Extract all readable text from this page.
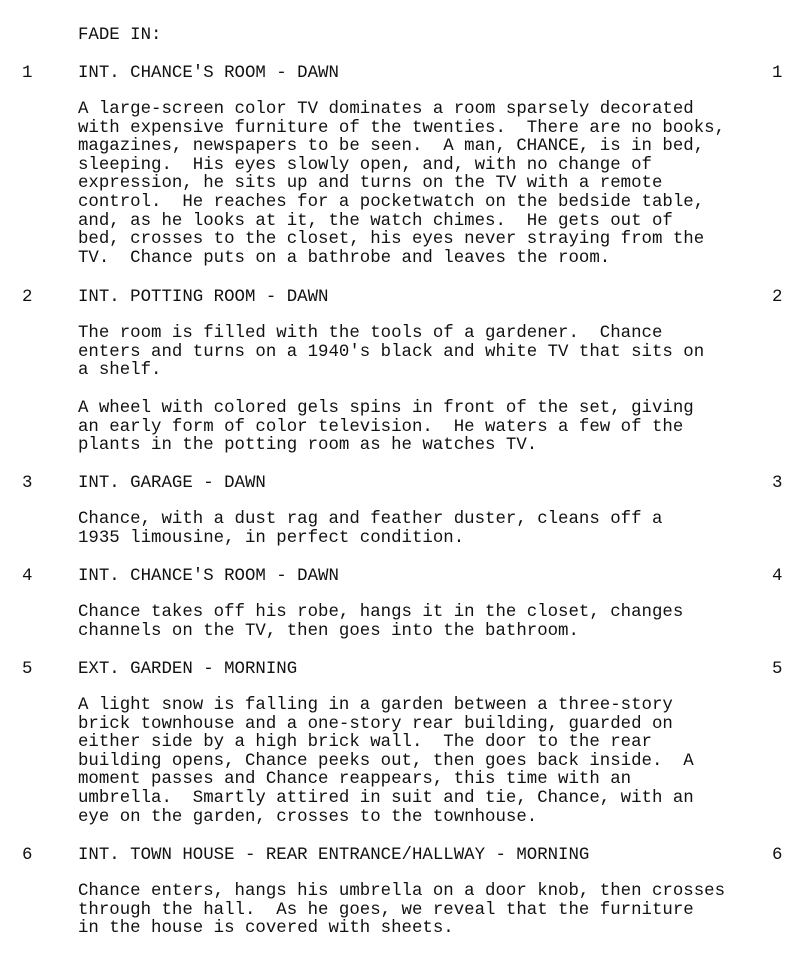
FADE IN:
1	INT. CHANCE'S ROOM - DAWN	1

A large-screen color TV dominates a room sparsely decorated
with expensive furniture of the twenties.  There are no books,
magazines, newspapers to be seen.  A man, CHANCE, is in bed,
sleeping.  His eyes slowly open, and, with no change of
expression, he sits up and turns on the TV with a remote
control.  He reaches for a pocketwatch on the bedside table,
and, as he looks at it, the watch chimes.  He gets out of
bed, crosses to the closet, his eyes never straying from the
TV.  Chance puts on a bathrobe and leaves the room.

2	INT. POTTING ROOM - DAWN	2

The room is filled with the tools of a gardener.  Chance
enters and turns on a 1940's black and white TV that sits on
a shelf.

A wheel with colored gels spins in front of the set, giving
an early form of color television.  He waters a few of the
plants in the potting room as he watches TV.

3	INT. GARAGE - DAWN	3

Chance, with a dust rag and feather duster, cleans off a
1935 limousine, in perfect condition.

4	INT. CHANCE'S ROOM - DAWN	4

Chance takes off his robe, hangs it in the closet, changes
channels on the TV, then goes into the bathroom.

5	EXT. GARDEN - MORNING	5

A light snow is falling in a garden between a three-story
brick townhouse and a one-story rear building, guarded on
either side by a high brick wall.  The door to the rear
building opens, Chance peeks out, then goes back inside.  A
moment passes and Chance reappears, this time with an
umbrella.  Smartly attired in suit and tie, Chance, with an
eye on the garden, crosses to the townhouse.

6	INT. TOWN HOUSE - REAR ENTRANCE/HALLWAY - MORNING	6

Chance enters, hangs his umbrella on a door knob, then crosses
through the hall.  As he goes, we reveal that the furniture
in the house is covered with sheets.
